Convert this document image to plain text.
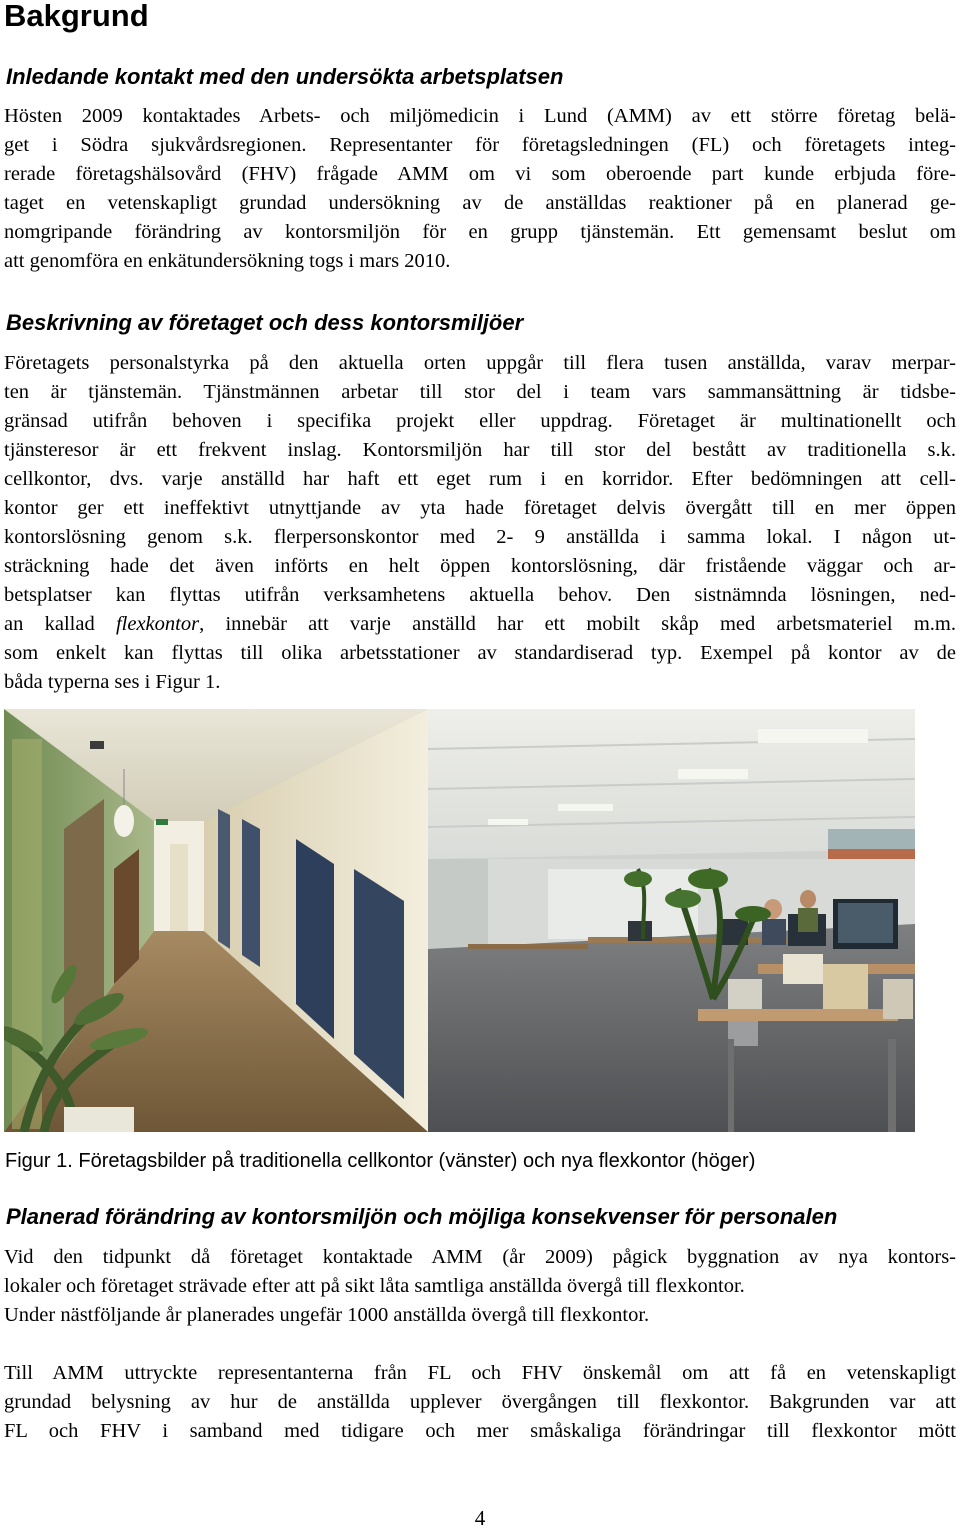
Bakgrund
Inledande kontakt med den undersökta arbetsplatsen
Hösten 2009 kontaktades Arbets- och miljömedicin i Lund (AMM) av ett större företag belä-
get i Södra sjukvårdsregionen. Representanter för företagsledningen (FL) och företagets integ-
rerade företagshälsovård (FHV) frågade AMM om vi som oberoende part kunde erbjuda före-
taget en vetenskapligt grundad undersökning av de anställdas reaktioner på en planerad ge-
nomgripande förändring av kontorsmiljön för en grupp tjänstemän. Ett gemensamt beslut om
att genomföra en enkätundersökning togs i mars 2010.
Beskrivning av företaget och dess kontorsmiljöer
Företagets personalstyrka på den aktuella orten uppgår till flera tusen anställda, varav merpar-
ten är tjänstemän. Tjänstmännen arbetar till stor del i team vars sammansättning är tidsbe-
gränsad utifrån behoven i specifika projekt eller uppdrag. Företaget är multinationellt och
tjänsteresor är ett frekvent inslag. Kontorsmiljön har till stor del bestått av traditionella s.k.
cellkontor, dvs. varje anställd har haft ett eget rum i en korridor. Efter bedömningen att cell-
kontor ger ett ineffektivt utnyttjande av yta hade företaget delvis övergått till en mer öppen
kontorslösning genom s.k. flerpersonskontor med 2- 9 anställda i samma lokal. I någon ut-
sträckning hade det även införts en helt öppen kontorslösning, där fristående väggar och ar-
betsplatser kan flyttas utifrån verksamhetens aktuella behov. Den sistnämnda lösningen, ned-
an kallad flexkontor, innebär att varje anställd har ett mobilt skåp med arbetsmateriel m.m.
som enkelt kan flyttas till olika arbetsstationer av standardiserad typ. Exempel på kontor av de
båda typerna ses i Figur 1.

Figur 1. Företagsbilder på traditionella cellkontor (vänster) och nya flexkontor (höger)

Planerad förändring av kontorsmiljön och möjliga konsekvenser för personalen
Vid den tidpunkt då företaget kontaktade AMM (år 2009) pågick byggnation av nya kontors-
lokaler och företaget strävade efter att på sikt låta samtliga anställda övergå till flexkontor.
Under nästföljande år planerades ungefär 1000 anställda övergå till flexkontor.
Till AMM uttryckte representanterna från FL och FHV önskemål om att få en vetenskapligt
grundad belysning av hur de anställda upplever övergången till flexkontor. Bakgrunden var att
FL och FHV i samband med tidigare och mer småskaliga förändringar till flexkontor mött
4
